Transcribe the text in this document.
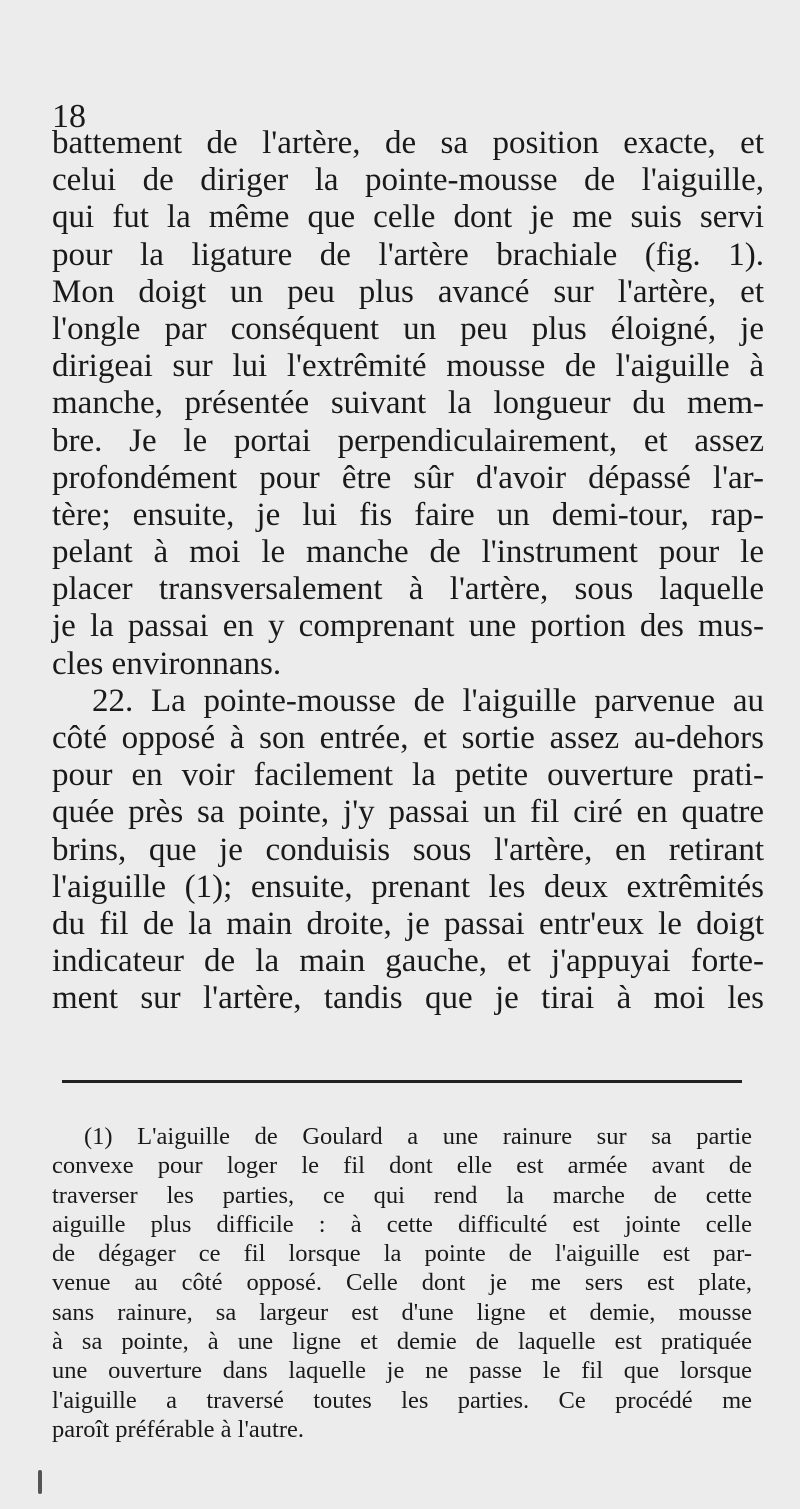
18
battement de l'artère, de sa position exacte, et
celui de diriger la pointe-mousse de l'aiguille,
qui fut la même que celle dont je me suis servi
pour la ligature de l'artère brachiale (fig. 1).
Mon doigt un peu plus avancé sur l'artère, et
l'ongle par conséquent un peu plus éloigné, je
dirigeai sur lui l'extrêmité mousse de l'aiguille à
manche, présentée suivant la longueur du mem-
bre. Je le portai perpendiculairement, et assez
profondément pour être sûr d'avoir dépassé l'ar-
tère; ensuite, je lui fis faire un demi-tour, rap-
pelant à moi le manche de l'instrument pour le
placer transversalement à l'artère, sous laquelle
je la passai en y comprenant une portion des mus-
cles environnans.
22. La pointe-mousse de l'aiguille parvenue au
côté opposé à son entrée, et sortie assez au-dehors
pour en voir facilement la petite ouverture prati-
quée près sa pointe, j'y passai un fil ciré en quatre
brins, que je conduisis sous l'artère, en retirant
l'aiguille (1); ensuite, prenant les deux extrêmités
du fil de la main droite, je passai entr'eux le doigt
indicateur de la main gauche, et j'appuyai forte-
ment sur l'artère, tandis que je tirai à moi les
(1) L'aiguille de Goulard a une rainure sur sa partie
convexe pour loger le fil dont elle est armée avant de
traverser les parties, ce qui rend la marche de cette
aiguille plus difficile : à cette difficulté est jointe celle
de dégager ce fil lorsque la pointe de l'aiguille est par-
venue au côté opposé. Celle dont je me sers est plate,
sans rainure, sa largeur est d'une ligne et demie, mousse
à sa pointe, à une ligne et demie de laquelle est pratiquée
une ouverture dans laquelle je ne passe le fil que lorsque
l'aiguille a traversé toutes les parties. Ce procédé me
paroît préférable à l'autre.
